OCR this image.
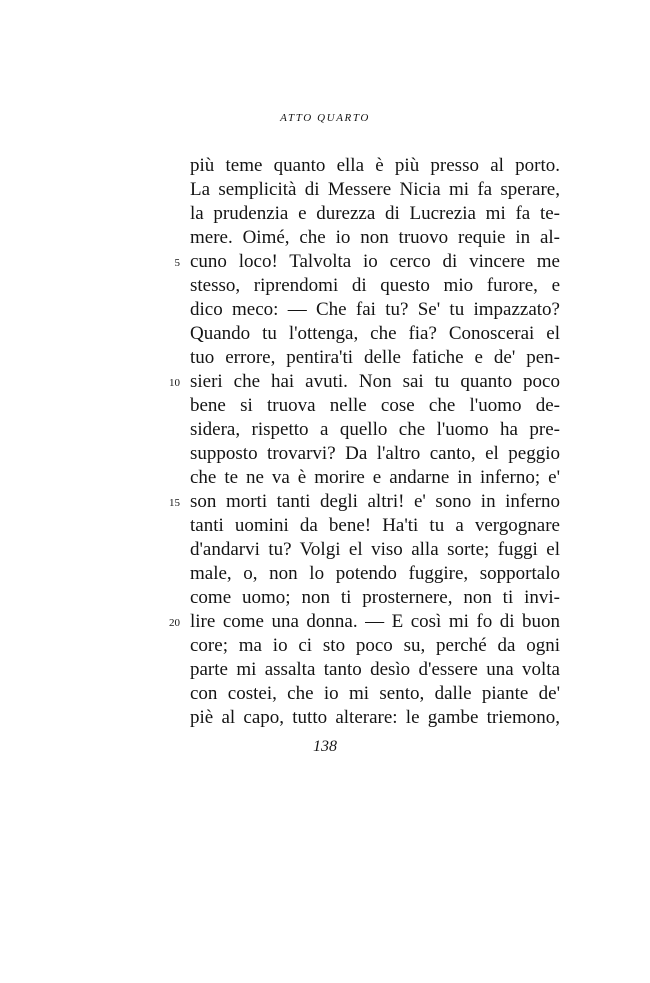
ATTO QUARTO
più teme quanto ella è più presso al porto.
La semplicità di Messere Nicia mi fa sperare,
la prudenzia e durezza di Lucrezia mi fa te-
mere. Oimé, che io non truovo requie in al-
5 cuno loco! Talvolta io cerco di vincere me
stesso, riprendomi di questo mio furore, e
dico meco: — Che fai tu? Se' tu impazzato?
Quando tu l'ottenga, che fia? Conoscerai el
tuo errore, pentira'ti delle fatiche e de' pen-
10 sieri che hai avuti. Non sai tu quanto poco
bene si truova nelle cose che l'uomo de-
sidera, rispetto a quello che l'uomo ha pre-
supposto trovarvi? Da l'altro canto, el peggio
che te ne va è morire e andarne in inferno; e'
15 son morti tanti degli altri! e' sono in inferno
tanti uomini da bene! Ha'ti tu a vergognare
d'andarvi tu? Volgi el viso alla sorte; fuggi el
male, o, non lo potendo fuggire, sopportalo
come uomo; non ti prosternere, non ti invi-
20 lire come una donna. — E così mi fo di buon
core; ma io ci sto poco su, perché da ogni
parte mi assalta tanto desìo d'essere una volta
con costei, che io mi sento, dalle piante de'
piè al capo, tutto alterare: le gambe triemono,
138
